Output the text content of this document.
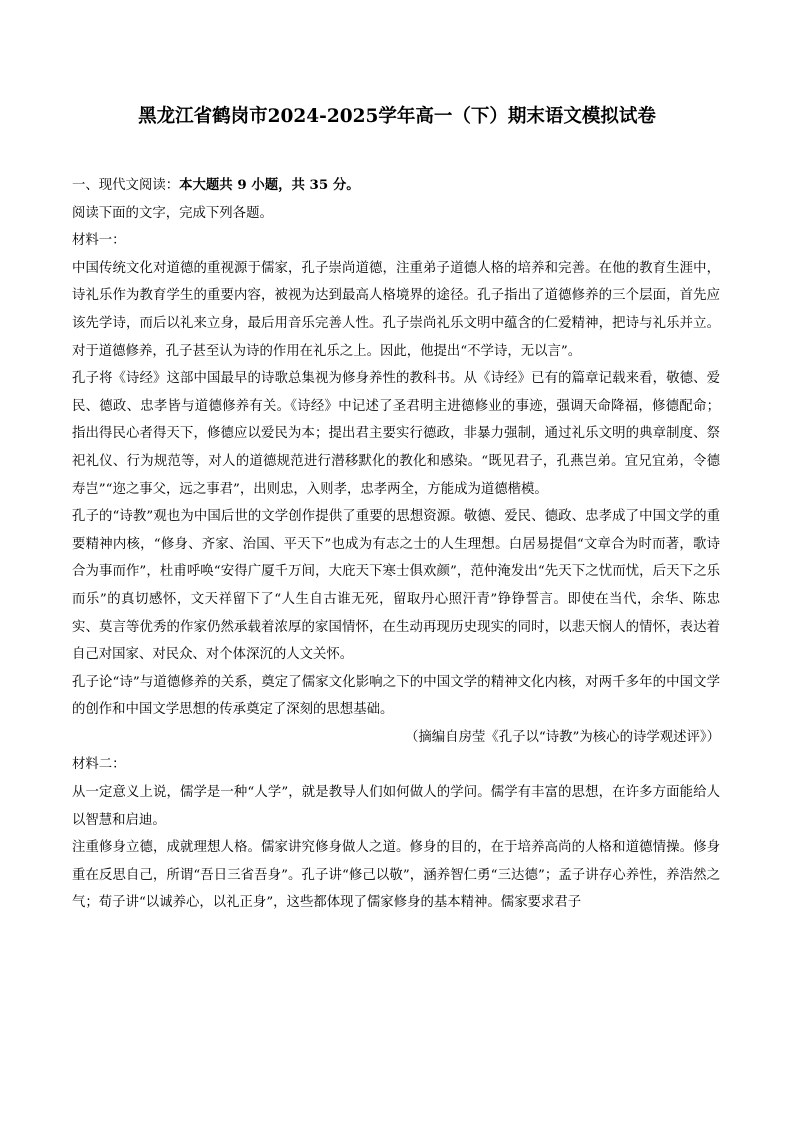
黑龙江省鹤岗市2024-2025学年高一（下）期末语文模拟试卷

一、现代文阅读：本大题共 9 小题，共 35 分。

阅读下面的文字，完成下列各题。

材料一：

中国传统文化对道德的重视源于儒家，孔子崇尚道德，注重弟子道德人格的培养和完善。在他的教育生涯中，诗礼乐作为教育学生的重要内容，被视为达到最高人格境界的途径。孔子指出了道德修养的三个层面，首先应该先学诗，而后以礼来立身，最后用音乐完善人性。孔子崇尚礼乐文明中蕴含的仁爱精神，把诗与礼乐并立。对于道德修养，孔子甚至认为诗的作用在礼乐之上。因此，他提出“不学诗，无以言”。

孔子将《诗经》这部中国最早的诗歌总集视为修身养性的教科书。从《诗经》已有的篇章记载来看，敬德、爱民、德政、忠孝皆与道德修养有关。《诗经》中记述了圣君明主进德修业的事迹，强调天命降福，修德配命；指出得民心者得天下，修德应以爱民为本；提出君主要实行德政，非暴力强制，通过礼乐文明的典章制度、祭祀礼仪、行为规范等，对人的道德规范进行潜移默化的教化和感染。“既见君子，孔燕岂弟。宜兄宜弟，令德寿岂”“迩之事父，远之事君”，出则忠，入则孝，忠孝两全，方能成为道德楷模。

孔子的“诗教”观也为中国后世的文学创作提供了重要的思想资源。敬德、爱民、德政、忠孝成了中国文学的重要精神内核，“修身、齐家、治国、平天下”也成为有志之士的人生理想。白居易提倡“文章合为时而著，歌诗合为事而作”，杜甫呼唤“安得广厦千万间，大庇天下寒士俱欢颜”，范仲淹发出“先天下之忧而忧，后天下之乐而乐”的真切感怀，文天祥留下了“人生自古谁无死，留取丹心照汗青”铮铮誓言。即使在当代，余华、陈忠实、莫言等优秀的作家仍然承载着浓厚的家国情怀，在生动再现历史现实的同时，以悲天悯人的情怀，表达着自己对国家、对民众、对个体深沉的人文关怀。

孔子论“诗”与道德修养的关系，奠定了儒家文化影响之下的中国文学的精神文化内核，对两千多年的中国文学的创作和中国文学思想的传承奠定了深刻的思想基础。

（摘编自房莹《孔子以“诗教”为核心的诗学观述评》）

材料二：

从一定意义上说，儒学是一种“人学”，就是教导人们如何做人的学问。儒学有丰富的思想，在许多方面能给人以智慧和启迪。

注重修身立德，成就理想人格。儒家讲究修身做人之道。修身的目的，在于培养高尚的人格和道德情操。修身重在反思自己，所谓“吾日三省吾身”。孔子讲“修己以敬”，涵养智仁勇“三达德”；孟子讲存心养性，养浩然之气；荀子讲“以诚养心，以礼正身”，这些都体现了儒家修身的基本精神。儒家要求君子
